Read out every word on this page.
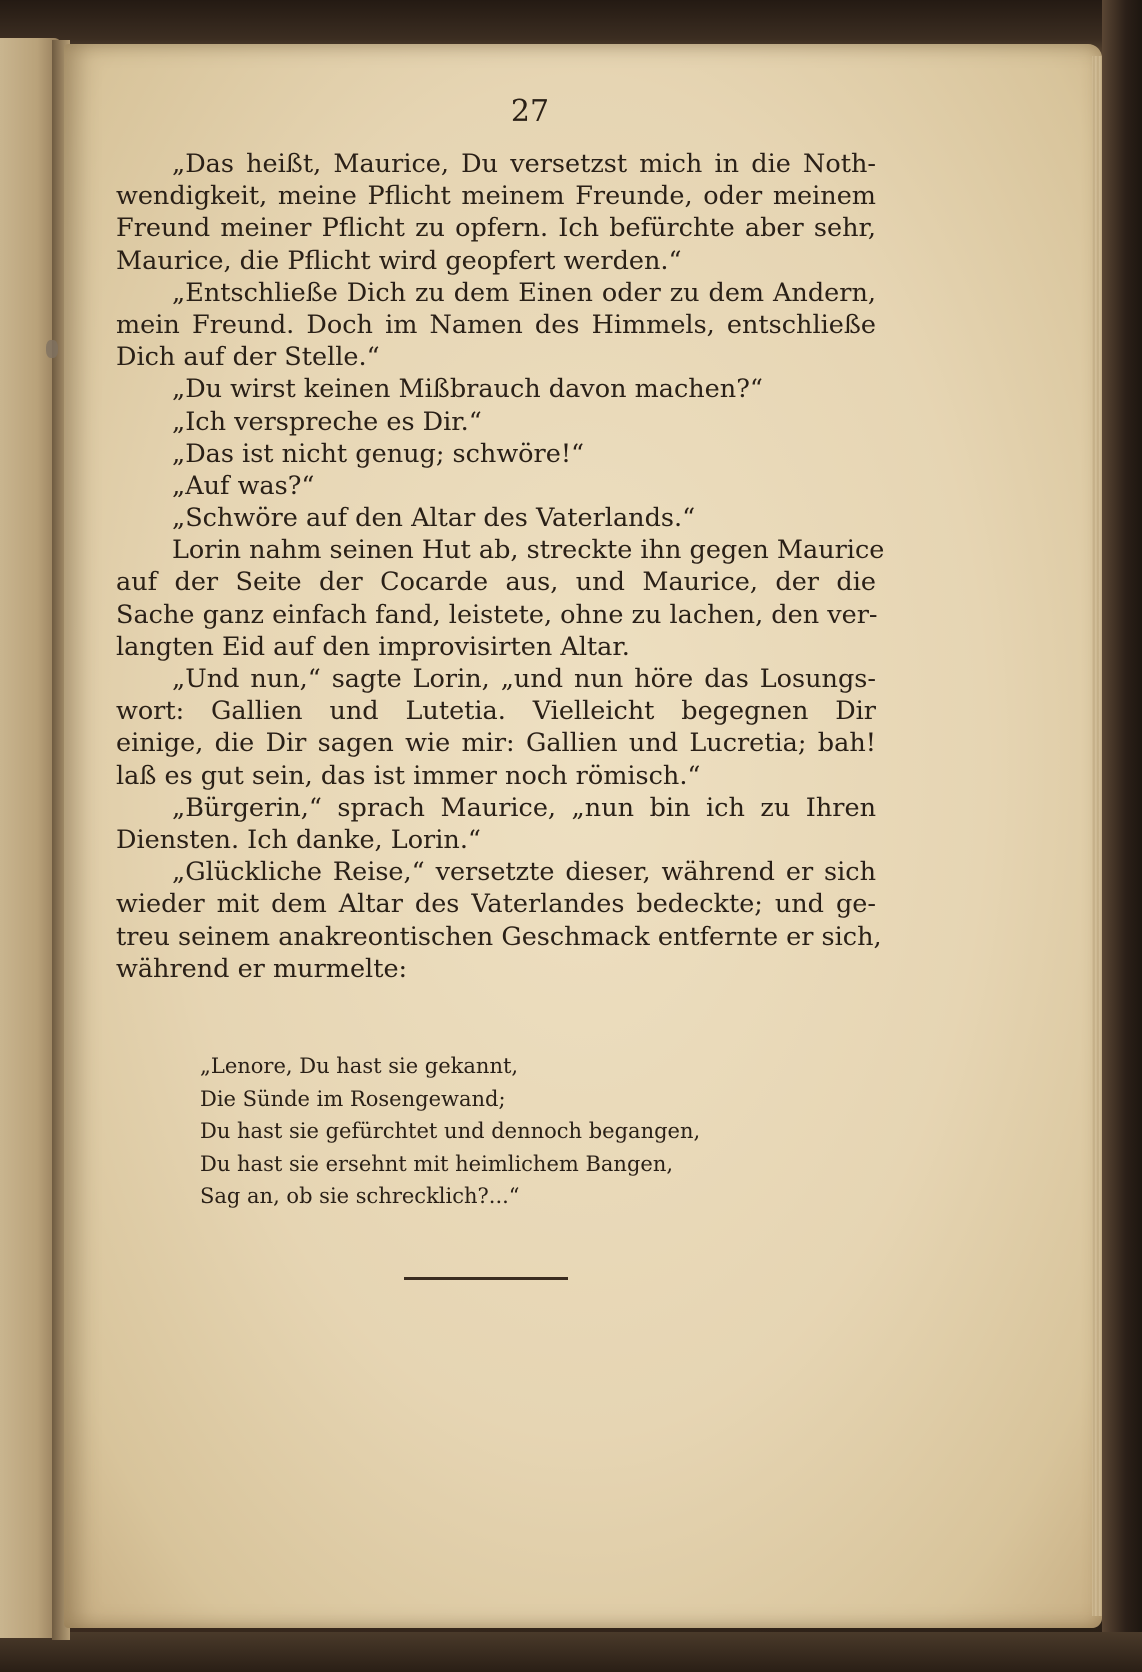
27
„Das heißt, Maurice, Du versetzst mich in die Noth-
wendigkeit, meine Pflicht meinem Freunde, oder meinem
Freund meiner Pflicht zu opfern. Ich befürchte aber sehr,
Maurice, die Pflicht wird geopfert werden.“
„Entschließe Dich zu dem Einen oder zu dem Andern,
mein Freund. Doch im Namen des Himmels, entschließe
Dich auf der Stelle.“
„Du wirst keinen Mißbrauch davon machen?“
„Ich verspreche es Dir.“
„Das ist nicht genug; schwöre!“
„Auf was?“
„Schwöre auf den Altar des Vaterlands.“
Lorin nahm seinen Hut ab, streckte ihn gegen Maurice
auf der Seite der Cocarde aus, und Maurice, der die
Sache ganz einfach fand, leistete, ohne zu lachen, den ver-
langten Eid auf den improvisirten Altar.
„Und nun,“ sagte Lorin, „und nun höre das Losungs-
wort: Gallien und Lutetia. Vielleicht begegnen Dir
einige, die Dir sagen wie mir: Gallien und Lucretia; bah!
laß es gut sein, das ist immer noch römisch.“
„Bürgerin,“ sprach Maurice, „nun bin ich zu Ihren
Diensten. Ich danke, Lorin.“
„Glückliche Reise,“ versetzte dieser, während er sich
wieder mit dem Altar des Vaterlandes bedeckte; und ge-
treu seinem anakreontischen Geschmack entfernte er sich,
während er murmelte:
„Lenore, Du hast sie gekannt,
Die Sünde im Rosengewand;
Du hast sie gefürchtet und dennoch begangen,
Du hast sie ersehnt mit heimlichem Bangen,
Sag an, ob sie schrecklich?...“
